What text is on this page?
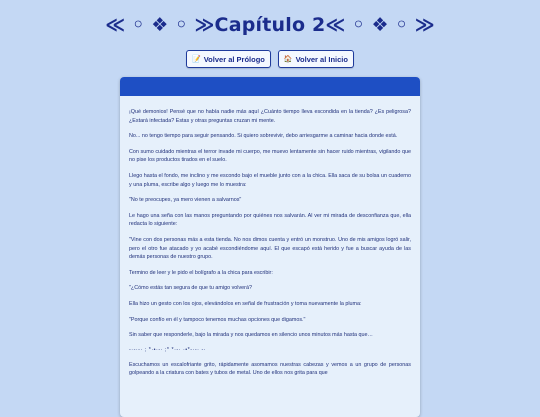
≪ ◦ ❖ ◦ ≫Capítulo 2≪ ◦ ❖ ◦ ≫
📝 Volver al Prólogo	🏠 Volver al Inicio

¡Qué demonios! Pensé que no había nadie más aquí ¿Cuánto tiempo lleva escondida en la tienda? ¿Es peligrosa? ¿Estará infectada? Estas y otras preguntas cruzan mi mente.

No... no tengo tiempo para seguir pensando. Si quiero sobrevivir, debo arriesgarme a caminar hacia donde está.

Con sumo cuidado mientras el terror invade mi cuerpo, me muevo lentamente sin hacer ruido mientras, vigilando que no pise los productos tirados en el suelo.

Llego hasta el fondo, me inclino y me escondo bajo el mueble junto con a la chica. Ella saca de su bolsa un cuaderno y una pluma, escribe algo y luego me lo muestra:

"No te preocupes, ya mero vienen a salvarnos"

Le hago una seña con las manos preguntando por quiénes nos salvarán. Al ver mi mirada de desconfianza que, ella redacta lo siguiente:

"Vine con dos personas más a esta tienda. No nos dimos cuenta y entró un monstruo. Uno de mis amigos logró salir, pero el otro fue atacado y yo acabé escondiéndome aquí. El que escapó está herido y fue a buscar ayuda de las demás personas de nuestro grupo.

Termino de leer y le pido el bolígrafo a la chica para escribir:

"¿Cómo estás tan segura de que tu amigo volverá?

Ella hizo un gesto con los ojos, elevándolos en señal de frustración y toma nuevamente la pluma:

"Porque confío en él y tampoco tenemos muchas opciones que digamos."

Sin saber que responderle, bajo la mirada y nos quedamos en silencio unos minutos más hasta que…

-·-·-· ; *·•·-· ;* *·-· ·•*-·-· -·

Escuchamos un escalofriante grito, rápidamente asomamos nuestras cabezas y vemos a un grupo de personas golpeando a la criatura con bates y tubos de metal. Uno de ellos nos grita para que
